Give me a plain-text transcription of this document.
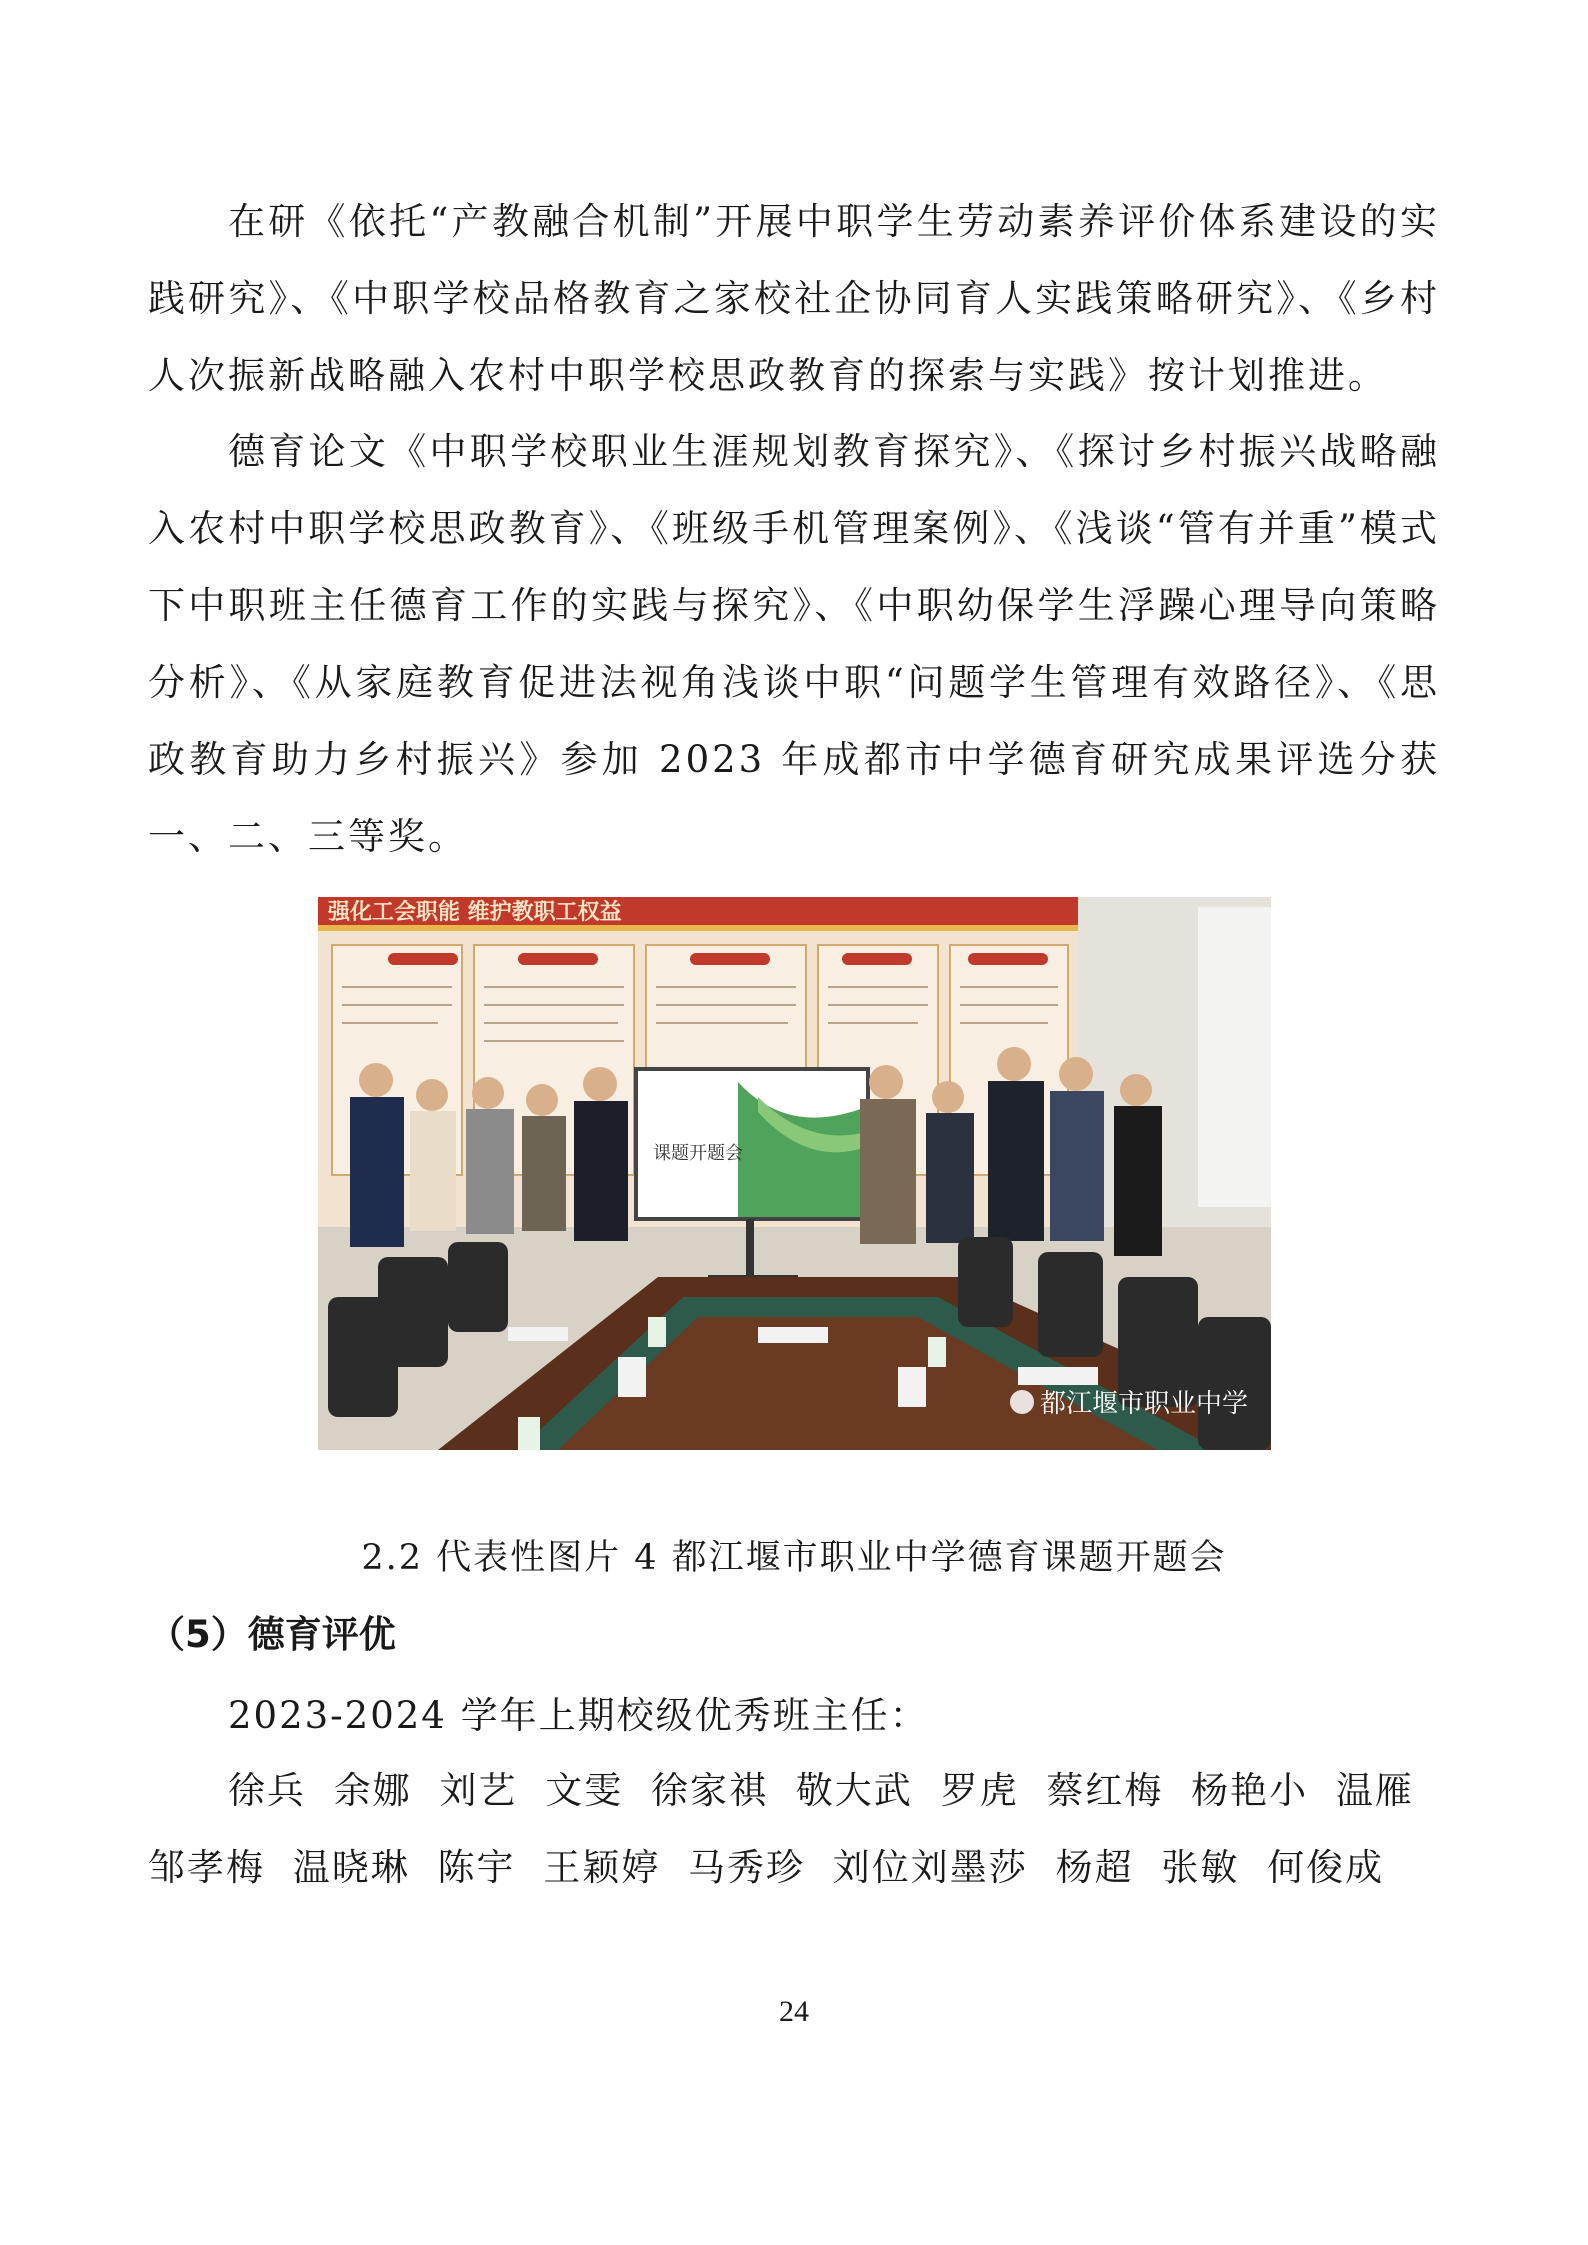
在研《依托“产教融合机制”开展中职学生劳动素养评价体系建设的实践研究》、《中职学校品格教育之家校社企协同育人实践策略研究》、《乡村人次振新战略融入农村中职学校思政教育的探索与实践》按计划推进。

德育论文《中职学校职业生涯规划教育探究》、《探讨乡村振兴战略融入农村中职学校思政教育》、《班级手机管理案例》、《浅谈“管有并重”模式下中职班主任德育工作的实践与探究》、《中职幼保学生浮躁心理导向策略分析》、《从家庭教育促进法视角浅谈中职“问题学生管理有效路径》、《思政教育助力乡村振兴》参加 2023 年成都市中学德育研究成果评选分获一、二、三等奖。

强化工会职能 维护教职工权益
课题开题会
都江堰市职业中学

2.2 代表性图片 4 都江堰市职业中学德育课题开题会

（5）德育评优

2023-2024 学年上期校级优秀班主任：

徐兵 余娜 刘艺 文雯 徐家祺 敬大武 罗虎 蔡红梅 杨艳小 温雁 邹孝梅 温晓琳 陈宇 王颖婷 马秀珍 刘位刘墨莎 杨超 张敏 何俊成

24
